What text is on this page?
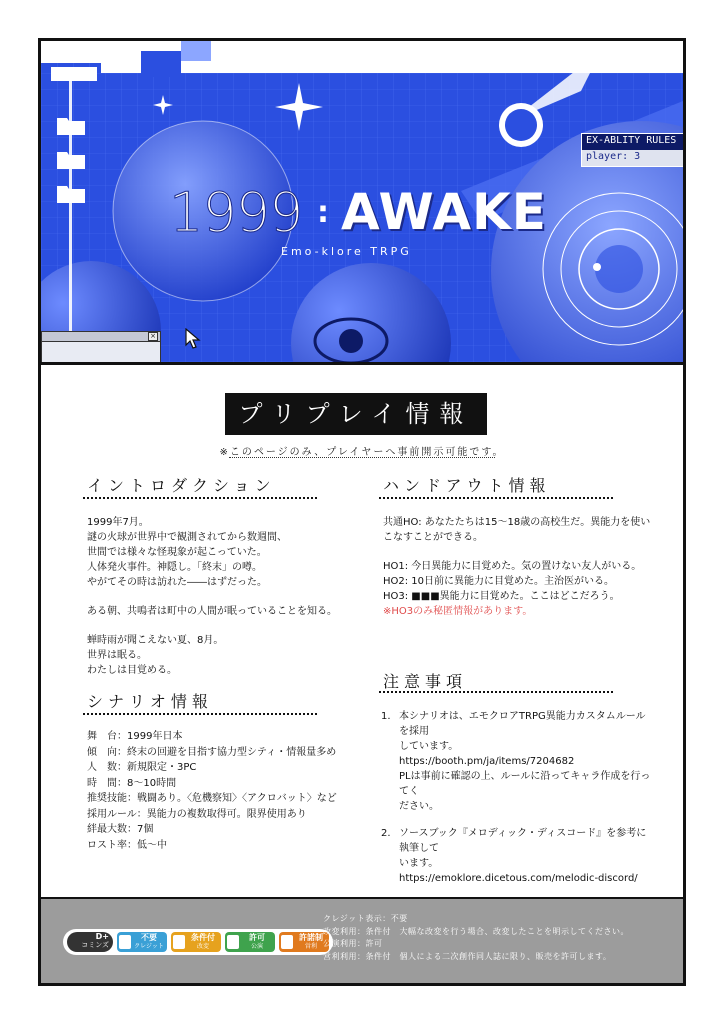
1999 : AWAKE
Emo-klore TRPG
EX-ABLITY RULES
player: 3
×
プリプレイ情報
※このページのみ、プレイヤーへ事前開示可能です。
イントロダクション

1999年7月。

謎の火球が世界中で観測されてから数週間、

世間では様々な怪現象が起こっていた。

人体発火事件。神隠し。「終末」の噂。

やがてその時は訪れた――はずだった。

ある朝、共鳴者は町中の人間が眠っていることを知る。

蝉時雨が聞こえない夏、8月。

世界は眠る。

わたしは目覚める。

シナリオ情報

舞　台：1999年日本

傾　向：終末の回避を目指す協力型シティ・情報量多め

人　数：新規限定・3PC

時　間：8～10時間

推奨技能：戦闘あり。〈危機察知〉〈アクロバット〉など

採用ルール：異能力の複数取得可。限界使用あり

絆最大数：7個

ロスト率：低～中

ハンドアウト情報

共通HO: あなたたちは15～18歳の高校生だ。異能力を使い

こなすことができる。

HO1: 今日異能力に目覚めた。気の置けない友人がいる。

HO2: 10日前に異能力に目覚めた。主治医がいる。

HO3: ■■■異能力に目覚めた。ここはどこだろう。

※HO3のみ秘匿情報があります。

注意事項
1. 本シナリオは、エモクロアTRPG異能力カスタムルールを採用

しています。

https://booth.pm/ja/items/7204682

PLは事前に確認の上、ルールに沿ってキャラ作成を行ってく

ださい。

2. ソースブック『メロディック・ディスコード』を参考に執筆して

います。

https://emoklore.dicetous.com/melodic-discord/

D+
コミンズ
不要
クレジット
条件付
改変
許可
公演
許諾制
営利

クレジット表示：不要

改変利用：条件付　大幅な改変を行う場合、改変したことを明示してください。

公演利用：許可

営利利用：条件付　個人による二次創作同人誌に限り、販売を許可します。
